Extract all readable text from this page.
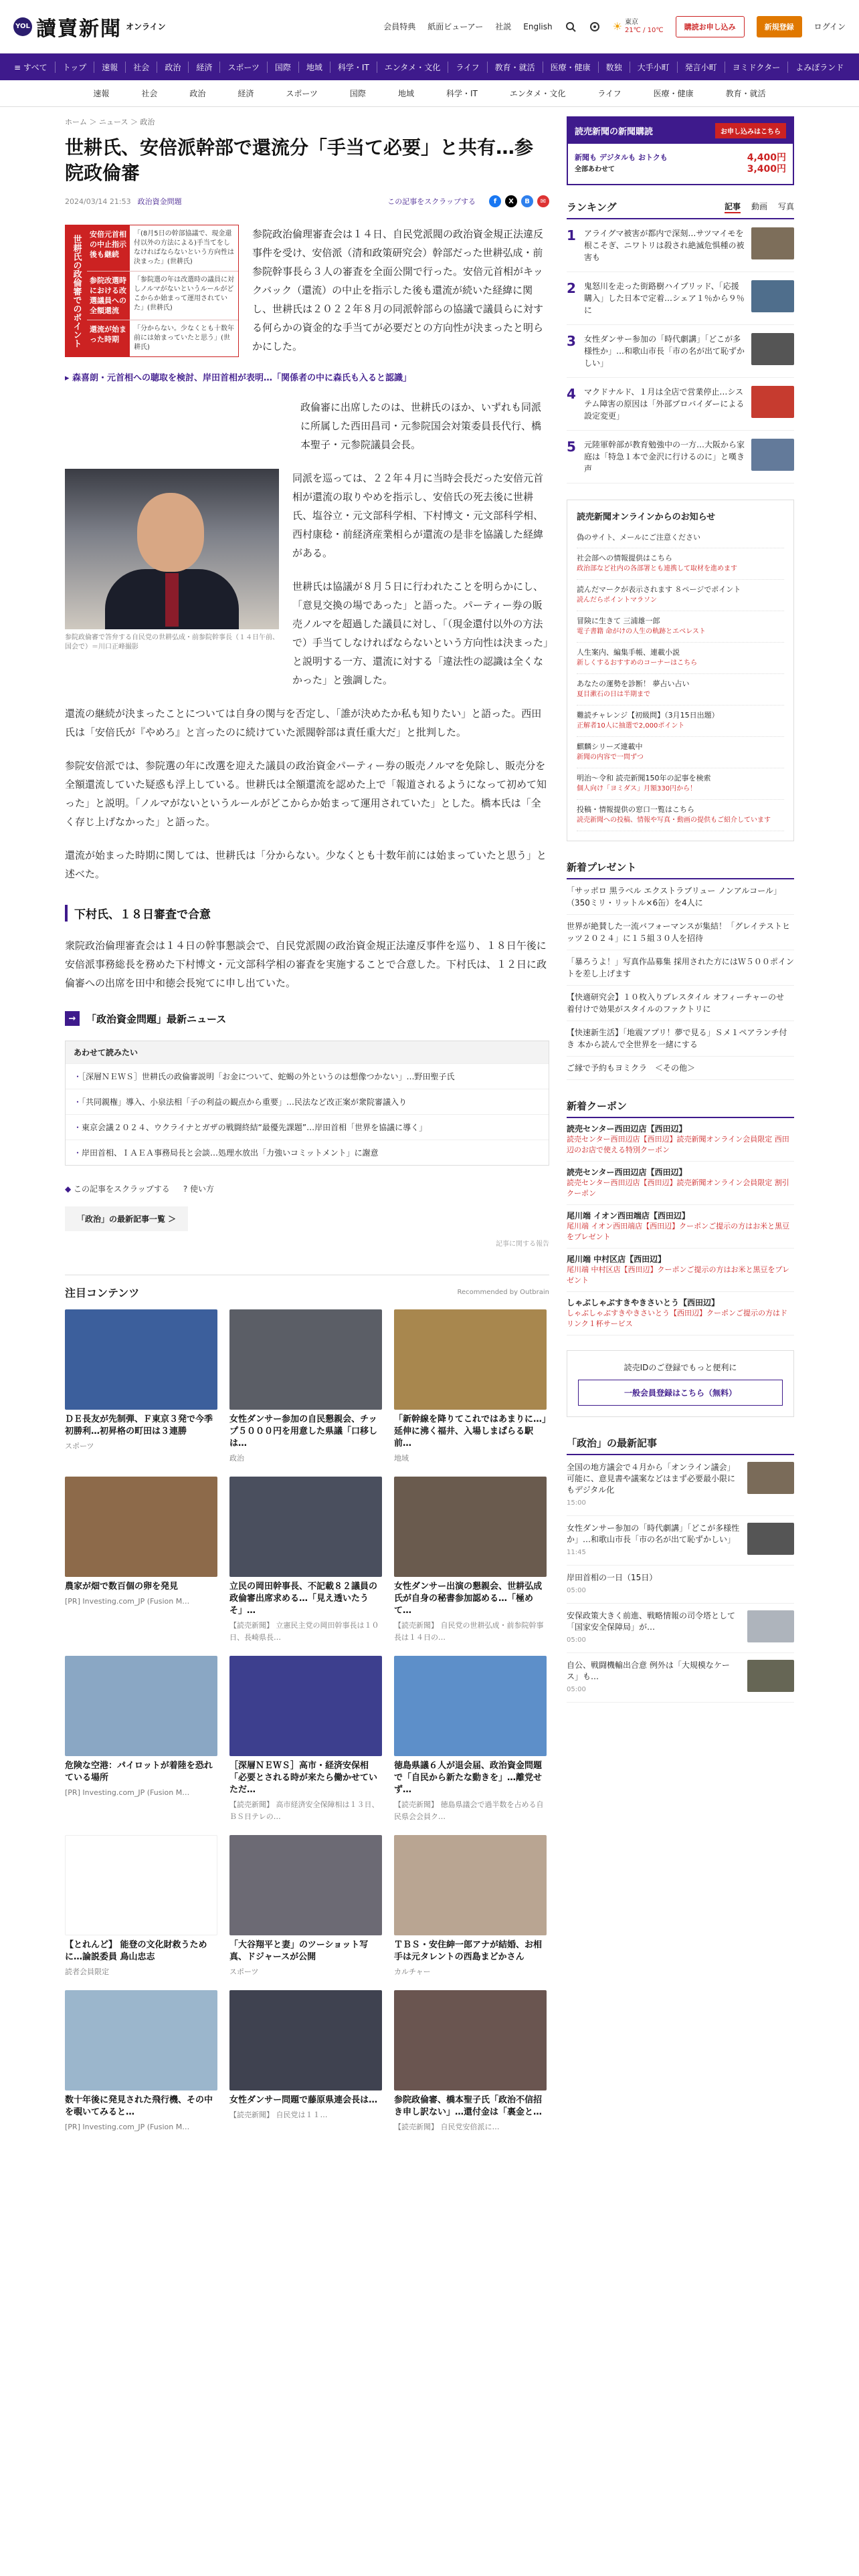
YOL 讀賣新聞 オンライン	会員特典 紙面ビューアー 社説 English	☀ 東京
21℃ / 10℃	購読お申し込み	新規登録	ログイン
≡ すべて	トップ	速報	社会	政治	経済	スポーツ	国際	地域	科学・IT	エンタメ・文化	ライフ	教育・就活	医療・健康	数独	大手小町	発言小町	ヨミドクター	よみぽランド
速報	社会	政治	経済	スポーツ	国際	地域	科学・IT	エンタメ・文化	ライフ	医療・健康	教育・就活
ホーム ＞ ニュース ＞ 政治
世耕氏、安倍派幹部で還流分「手当て必要」と共有…参院政倫審
2024/03/14 21:53 政治資金問題	この記事をスクラップする	f	X	B	✉
世耕氏の政倫審でのポイント	安倍元首相の中止指示後も継続
「(8月5日の幹部協議で、現金還付以外の方法による)手当てをしなければならないという方向性は決まった」(世耕氏)
参院改選時における改選議員への全額還流
「参院選の年は改選時の議員に対しノルマがないというルールがどこからか始まって運用されていた」(世耕氏)
還流が始まった時期
「分からない。少なくとも十数年前には始まっていたと思う」(世耕氏)
参院政治倫理審査会は１４日、自民党派閥の政治資金規正法違反事件を受け、安倍派（清和政策研究会）幹部だった世耕弘成・前参院幹事長ら３人の審査を全面公開で行った。安倍元首相がキックバック（還流）の中止を指示した後も還流が続いた経緯に関し、世耕氏は２０２２年８月の同派幹部らの協議で議員らに対する何らかの資金的な手当てが必要だとの方向性が決まったと明らかにした。
▸ 森喜朗・元首相への聴取を検討、岸田首相が表明…「関係者の中に森氏も入ると認識」
政倫審に出席したのは、世耕氏のほか、いずれも同派に所属した西田昌司・元参院国会対策委員長代行、橋本聖子・元参院議員会長。
参院政倫審で答弁する自民党の世耕弘成・前参院幹事長（１４日午前、国会で）＝川口正峰撮影
同派を巡っては、２２年４月に当時会長だった安倍元首相が還流の取りやめを指示し、安倍氏の死去後に世耕氏、塩谷立・元文部科学相、下村博文・元文部科学相、西村康稔・前経済産業相らが還流の是非を協議した経緯がある。
世耕氏は協議が８月５日に行われたことを明らかにし、「意見交換の場であった」と語った。パーティー券の販売ノルマを超過した議員に対し、「（現金還付以外の方法で）手当てしなければならないという方向性は決まった」と説明する一方、還流に対する「違法性の認識は全くなかった」と強調した。
還流の継続が決まったことについては自身の関与を否定し、「誰が決めたか私も知りたい」と語った。西田氏は「安倍氏が『やめろ』と言ったのに続けていた派閥幹部は責任重大だ」と批判した。
参院安倍派では、参院選の年に改選を迎えた議員の政治資金パーティー券の販売ノルマを免除し、販売分を全額還流していた疑惑も浮上している。世耕氏は全額還流を認めた上で「報道されるようになって初めて知った」と説明。「ノルマがないというルールがどこからか始まって運用されていた」とした。橋本氏は「全く存じ上げなかった」と語った。
還流が始まった時期に関しては、世耕氏は「分からない。少なくとも十数年前には始まっていたと思う」と述べた。
下村氏、１８日審査で合意
衆院政治倫理審査会は１４日の幹事懇談会で、自民党派閥の政治資金規正法違反事件を巡り、１８日午後に安倍派事務総長を務めた下村博文・元文部科学相の審査を実施することで合意した。下村氏は、１２日に政倫審への出席を田中和徳会長宛てに申し出ていた。
→	「政治資金問題」最新ニュース
あわせて読みたい
・ ［深層ＮＥＷＳ］世耕氏の政倫審説明「お金について、蛇蝎の外というのは想像つかない」…野田聖子氏
・ 「共同親権」導入、小泉法相「子の利益の観点から重要」…民法など改正案が衆院審議入り
・ 東京会議２０２４、ウクライナとガザの戦闘終結“最優先課題”…岸田首相「世界を協議に導く」
・ 岸田首相、ＩＡＥＡ事務局長と会談…処理水放出「力強いコミットメント」に謝意
◆ この記事をスクラップする ? 使い方
「政治」の最新記事一覧 ＞
記事に関する報告
注目コンテンツ	Recommended by Outbrain
ＤＥ長友が先制弾、Ｆ東京３発で今季初勝利…初昇格の町田は３連勝
スポーツ
女性ダンサー参加の自民懇親会、チップ５０００円を用意した県議「口移しは…
政治
「新幹線を降りてこれではあまりに…」延伸に沸く福井、入場しまぱらる駅前…
地域
農家が畑で数百個の卵を発見
[PR] Investing.com_JP (Fusion M…
立民の岡田幹事長、不記載８２議員の政倫審出席求める…「見え透いたうそ」…
【読売新聞】 立憲民主党の岡田幹事長は１０日、長崎県長…
女性ダンサー出演の懇親会、世耕弘成氏が自身の秘書参加認める…「極めて…
【読売新聞】 自民党の世耕弘成・前参院幹事長は１４日の…
危険な空港：パイロットが着陸を恐れている場所
[PR] Investing.com_JP (Fusion M…
［深層ＮＥＷＳ］高市・経済安保相「必要とされる時が来たら働かせていただ…
【読売新聞】 高市経済安全保障相は１３日、ＢＳ日テレの…
徳島県議６人が退会届、政治資金問題で「自民から新たな動きを」…離党せず…
【読売新聞】 徳島県議会で過半数を占める自民県会会員ク…
【とれんど】 能登の文化財救うために…論説委員 鳥山忠志
読者会員限定
「大谷翔平と妻」のツーショット写真、ドジャースが公開
スポーツ
ＴＢＳ・安住紳一郎アナが結婚、お相手は元タレントの西島まどかさん
カルチャー
数十年後に発見された飛行機、その中を覗いてみると…
[PR] Investing.com_JP (Fusion M…
女性ダンサー問題で藤原県連会長は…
【読売新聞】 自民党は１１…
参院政倫審、橋本聖子氏「政治不信招き申し訳ない」…還付金は「裏金と…
【読売新聞】 自民党安倍派に…
読売新聞の新聞購読	お申し込みはこちら
新聞も デジタルも おトクも
全部あわせて
4,400円
3,400円
ランキング	記事 動画 写真
1 アライグマ被害が都内で深刻…サツマイモを根こそぎ、ニワトリは殺され絶滅危惧種の被害も
2 鬼怒川を走った街路樹ハイブリッド、「応援購入」した日本で定着…シェア１％から９％に
3 女性ダンサー参加の「時代劇講」「どこが多様性か」…和歌山市長「市の名が出て恥ずかしい」
4 マクドナルド、１月は全店で営業停止…システム障害の原因は「外部プロバイダーによる設定変更」
5 元陸軍幹部が教育勉強中の一方…大阪から家庭は「特急１本で金沢に行けるのに」と嘆き声
読売新聞オンラインからのお知らせ
偽のサイト、メールにご注意ください
社会部への情報提供はこちら
政治部など社内の各部署とも連携して取材を進めます
読んだマークが表示されます ８ページでポイント
読んだらポイントマラソン
冒険に生きて 三浦雄一郎
電子書籍 命がけの人生の軌跡とエベレスト
人生案内、編集手帳、連載小説
新しくするおすすめのコーナーはこちら
あなたの運勢を診断！ 夢占い占い
夏目漱石の日は半期まで
難読チャレンジ【初級問】（3月15日出題）
正解者10人に抽選で2,000ポイント
麒麟シリーズ連載中
新聞の内容で一問ずつ
明治〜令和 読売新聞150年の記事を検索
個人向け「ヨミダス」月額330円から！
投稿・情報提供の窓口一覧はこちら
読売新聞への投稿、情報や写真・動画の提供もご紹介しています
新着プレゼント
「サッポロ 黒ラベル エクストラブリュー ノンアルコール」（350ミリ・リットル×6缶）を4人に
世界が絶賛した一流バフォーマンスが集結！「グレイテストヒッツ２０２４」に１５組３０人を招待
「暴ろうよ！」写真作品募集 採用された方にはＷ５００ポイントを差し上げます
【快適研究会】１０枚入りプレスタイル オフィーチャーのせ 着付けで効果がスタイルのファクトリに
【快速新生活】「地震アプリ！夢で見る」Ｓメ１ペアランチ付き 本から読んで全世界を一緒にする
ご縁で予約もヨミクラ　＜その他＞
新着クーポン
読売センター西田辺店【西田辺】
読売センター西田辺店【西田辺】読売新聞オンライン会員限定 西田辺のお店で使える特別クーポン
読売センター西田辺店【西田辺】
読売センター西田辺店【西田辺】読売新聞オンライン会員限定 割引クーポン
尾川端 イオン西田端店【西田辺】
尾川端 イオン西田端店【西田辺】クーポンご提示の方はお米と黒豆をプレゼント
尾川端 中村区店【西田辺】
尾川端 中村区店【西田辺】クーポンご提示の方はお米と黒豆をプレゼント
しゃぶしゃぶすきやきさいとう【西田辺】
しゃぶしゃぶすきやきさいとう【西田辺】クーポンご提示の方はドリンク１杯サービス
読売IDのご登録でもっと便利に
一般会員登録はこちら（無料）
「政治」の最新記事
全国の地方議会で４月から「オンライン議会」可能に、意見書や議案などはまず必要最小限にもデジタル化
15:00
女性ダンサー参加の「時代劇講」「どこが多様性か」…和歌山市長「市の名が出て恥ずかしい」
11:45
岸田首相の一日（15日）
05:00
安保政策大きく前進、戦略情報の司令塔として「国家安全保障局」が…
05:00
自公、戦闘機輸出合意 例外は「大規模なケース」も…
05:00
